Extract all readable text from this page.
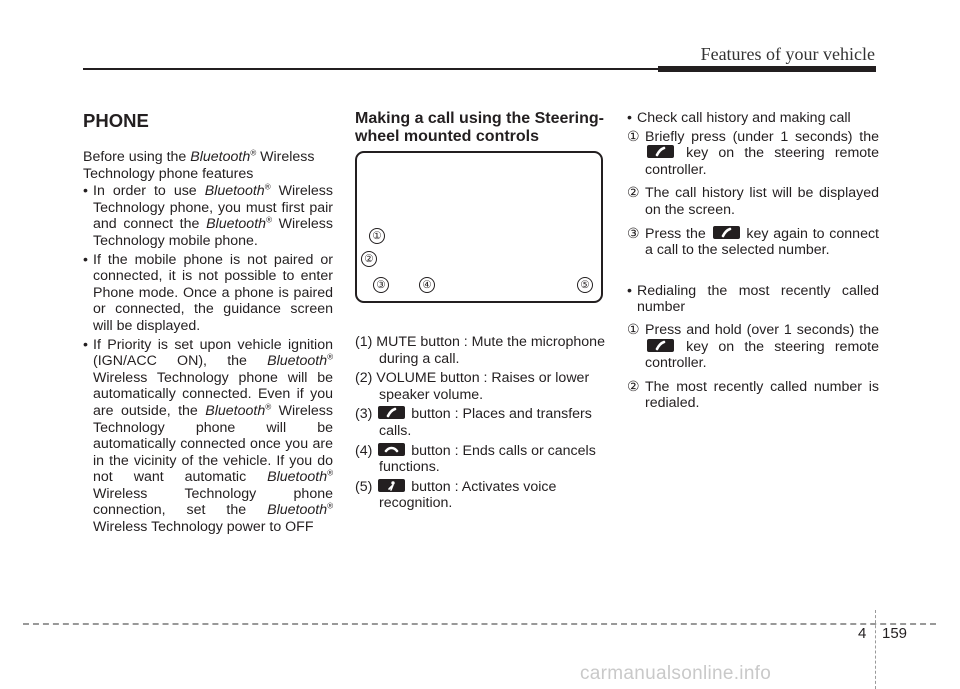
Features of your vehicle
PHONE

Before using the Bluetooth® Wireless Technology phone features

• In order to use Bluetooth® Wireless Technology phone, you must first pair and connect the Bluetooth® Wireless Technology mobile phone.

• If the mobile phone is not paired or connected, it is not possible to enter Phone mode. Once a phone is paired or connected, the guidance screen will be displayed.

• If Priority is set upon vehicle ignition (IGN/ACC ON), the Bluetooth® Wireless Technology phone will be automatically connected. Even if you are outside, the Bluetooth® Wireless Technology phone will be automatically connected once you are in the vicinity of the vehicle. If you do not want automatic Bluetooth® Wireless Technology phone connection, set the Bluetooth® Wireless Technology power to OFF

Making a call using the Steering-wheel mounted controls
①
②
③	④	⑤

(1) MUTE button : Mute the microphone during a call.

(2) VOLUME button : Raises or lower speaker volume.

(3)	button : Places and transfers calls.

(4)	button : Ends calls or cancels functions.

(5)	button : Activates voice recognition.

• Check call history and making call

① Briefly press (under 1 seconds) the
key on the steering remote controller.

② The call history list will be displayed on the screen.

③ Press the	key again to connect a call to the selected number.

• Redialing the most recently called number

① Press and hold (over 1 seconds) the
key on the steering remote controller.

② The most recently called number is redialed.

4 159
carmanualsonline.info
